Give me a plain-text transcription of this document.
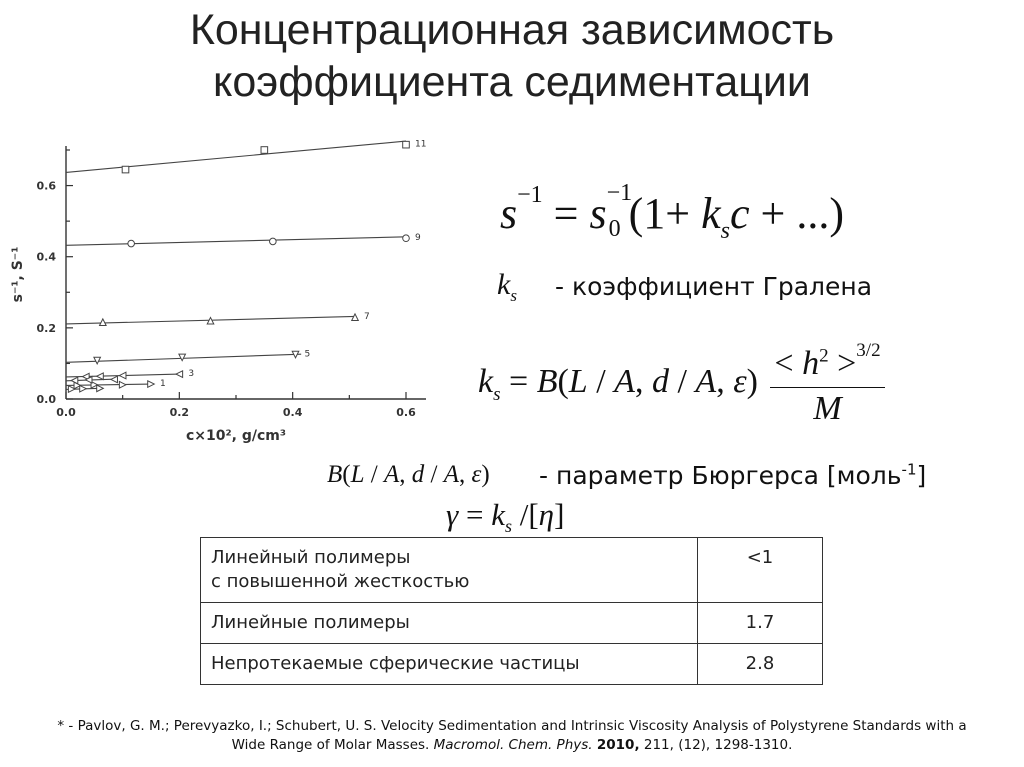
Концентрационная зависимость
коэффициента седиментации
0.0	0.2	0.4	0.6
0.0
0.2
0.4
0.6
c×10², g/cm³
s⁻¹, S⁻¹
11
9
7
5
3
1
$s^{-1} = s -1$
0 ($1+ k_sc$ + ...)
$k_s$ - коэффициент Гралена
$k_s = B(L / A$, d / A, $\varepsilon) \frac{< h^2 >^{3/2}}{M}$
B(L / A, d / A, ε) - параметр Бюргерса [моль$^{-1}$]
$\gamma = k_s$ /[η]
Линейный полимеры
с повышенной жесткостью	<1
Линейные полимеры	1.7
Непротекаемые сферические частицы	2.8
* - Pavlov, G. M.; Perevyazko, I.; Schubert, U. S. Velocity Sedimentation and Intrinsic Viscosity Analysis of Polystyrene Standards with a
Wide Range of Molar Masses. Macromol. Chem. Phys. 2010, 211, (12), 1298-1310.
